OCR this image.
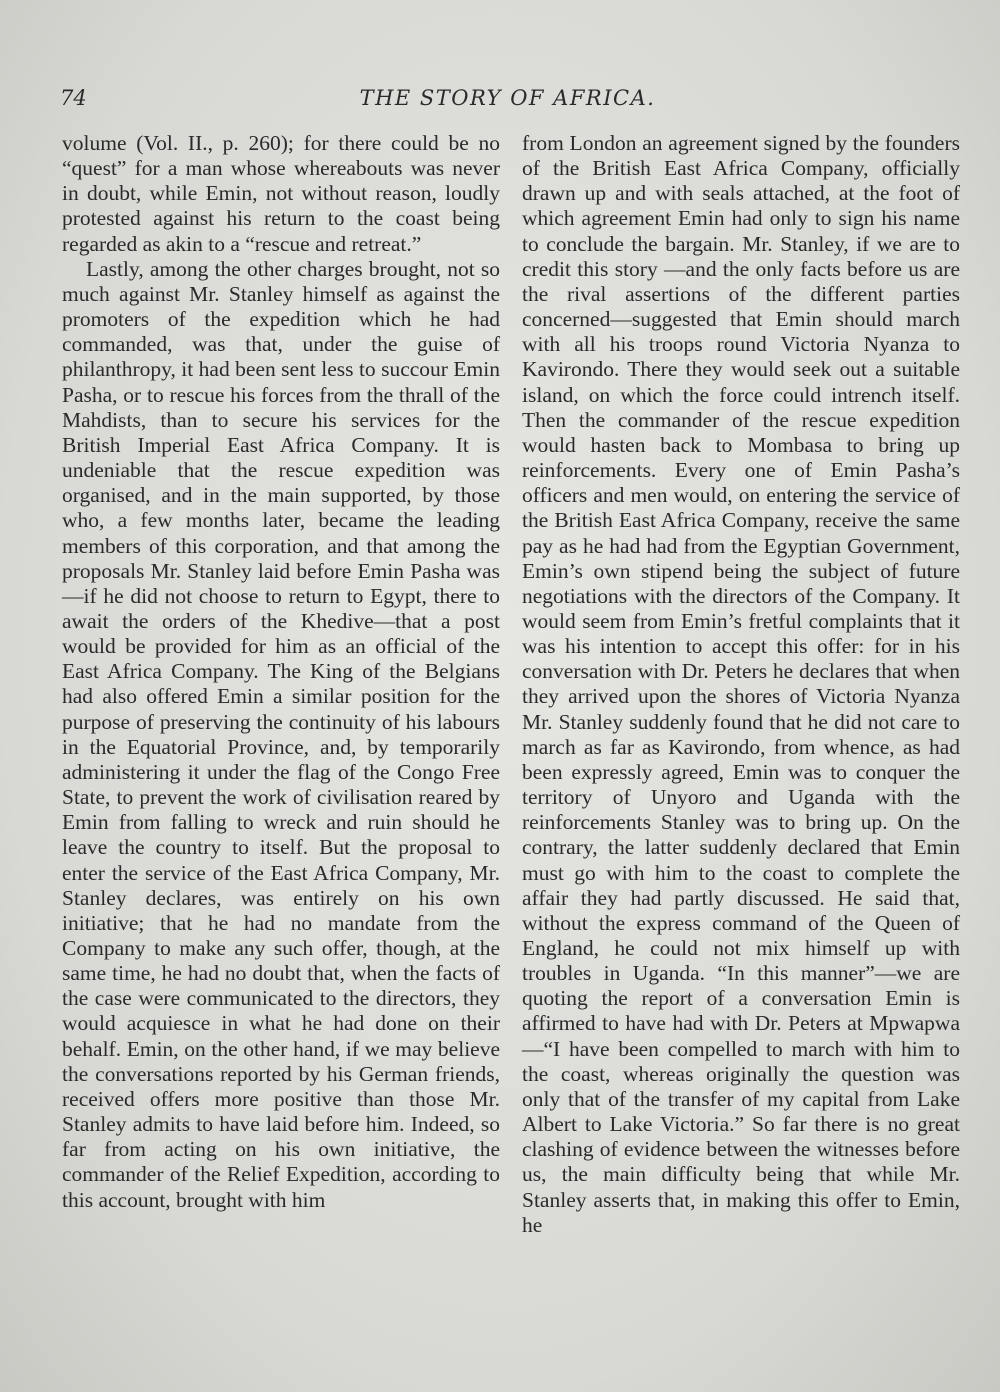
74	THE STORY OF AFRICA.

volume (Vol. II., p. 260); for there could be no “quest” for a man whose whereabouts was never in doubt, while Emin, not without reason, loudly protested against his return to the coast being regarded as akin to a “rescue and retreat.”

Lastly, among the other charges brought, not so much against Mr. Stanley himself as against the promoters of the expedition which he had commanded, was that, under the guise of philanthropy, it had been sent less to succour Emin Pasha, or to rescue his forces from the thrall of the Mahdists, than to secure his services for the British Imperial East Africa Company. It is undeniable that the rescue expedition was organised, and in the main supported, by those who, a few months later, became the leading members of this corporation, and that among the proposals Mr. Stanley laid before Emin Pasha was—if he did not choose to return to Egypt, there to await the orders of the Khedive—that a post would be provided for him as an official of the East Africa Company. The King of the Belgians had also offered Emin a similar position for the purpose of preserving the continuity of his labours in the Equatorial Province, and, by temporarily administering it under the flag of the Congo Free State, to prevent the work of civilisation reared by Emin from falling to wreck and ruin should he leave the country to itself. But the proposal to enter the service of the East Africa Company, Mr. Stanley declares, was entirely on his own initiative; that he had no mandate from the Company to make any such offer, though, at the same time, he had no doubt that, when the facts of the case were communicated to the directors, they would acquiesce in what he had done on their behalf. Emin, on the other hand, if we may believe the conversations reported by his German friends, received offers more positive than those Mr. Stanley admits to have laid before him. Indeed, so far from acting on his own initiative, the commander of the Relief Expedition, according to this account, brought with him

from London an agreement signed by the founders of the British East Africa Company, officially drawn up and with seals attached, at the foot of which agreement Emin had only to sign his name to conclude the bargain. Mr. Stanley, if we are to credit this story —and the only facts before us are the rival assertions of the different parties concerned—suggested that Emin should march with all his troops round Victoria Nyanza to Kavirondo. There they would seek out a suitable island, on which the force could intrench itself. Then the commander of the rescue expedition would hasten back to Mombasa to bring up reinforcements. Every one of Emin Pasha’s officers and men would, on entering the service of the British East Africa Company, receive the same pay as he had had from the Egyptian Government, Emin’s own stipend being the subject of future negotiations with the directors of the Company. It would seem from Emin’s fretful complaints that it was his intention to accept this offer: for in his conversation with Dr. Peters he declares that when they arrived upon the shores of Victoria Nyanza Mr. Stanley suddenly found that he did not care to march as far as Kavirondo, from whence, as had been expressly agreed, Emin was to conquer the territory of Unyoro and Uganda with the reinforcements Stanley was to bring up. On the contrary, the latter suddenly declared that Emin must go with him to the coast to complete the affair they had partly discussed. He said that, without the express command of the Queen of England, he could not mix himself up with troubles in Uganda. “In this manner”—we are quoting the report of a conversation Emin is affirmed to have had with Dr. Peters at Mpwapwa—“I have been compelled to march with him to the coast, whereas originally the question was only that of the transfer of my capital from Lake Albert to Lake Victoria.” So far there is no great clashing of evidence between the witnesses before us, the main difficulty being that while Mr. Stanley asserts that, in making this offer to Emin, he
